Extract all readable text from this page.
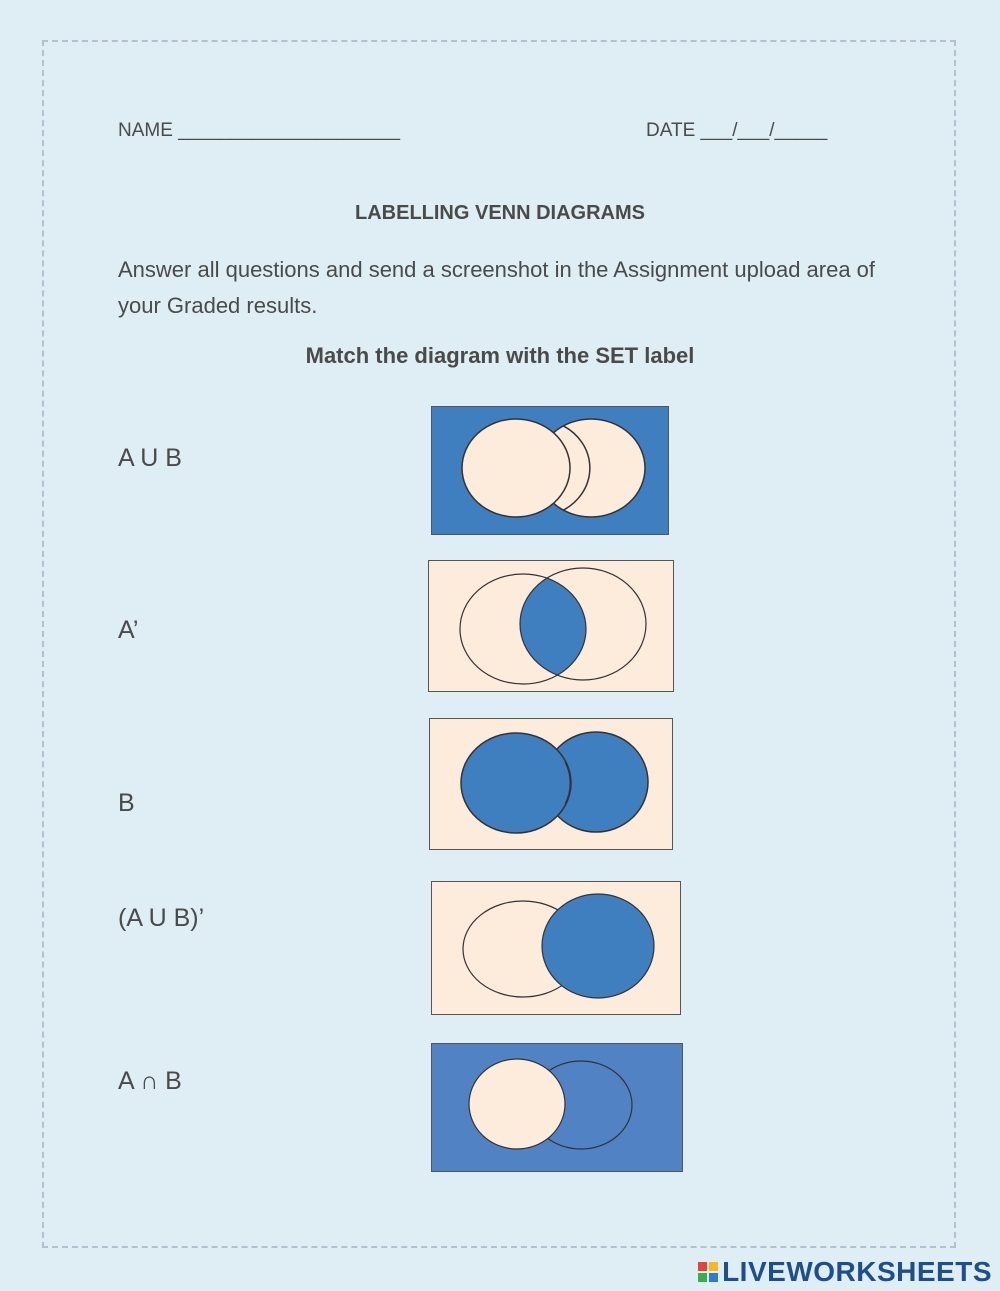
NAME _____________________	DATE ___/___/_____
LABELLING VENN DIAGRAMS
Answer all questions and send a screenshot in the Assignment upload area of your Graded results.
Match the diagram with the SET label
A U B
A’
B
(A U B)’
A ∩ B
LIVEWORKSHEETS
